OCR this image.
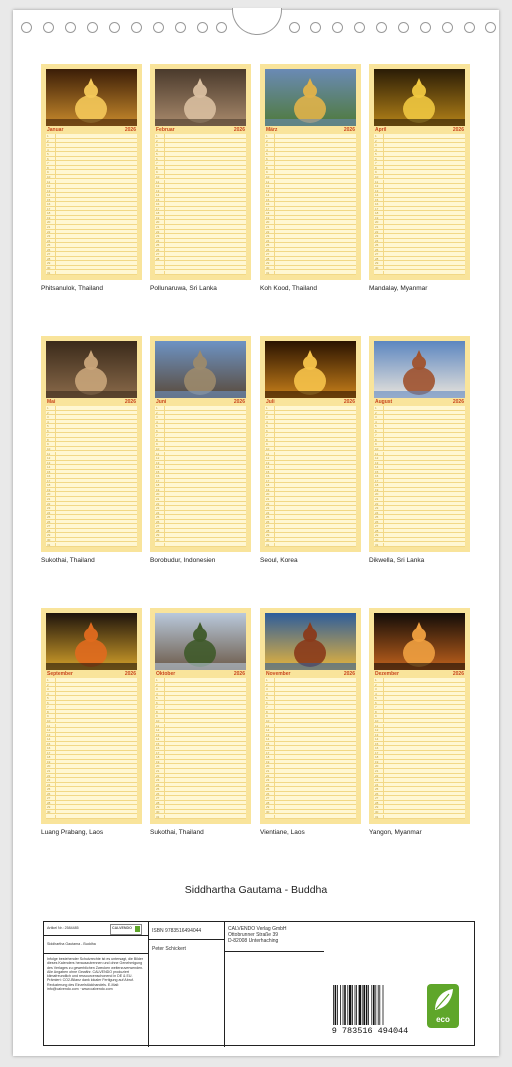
Januar	2026
1
2
3
4
5
6
7
8
9
10
11
12
13
14
15
16
17
18
19
20
21
22
23
24
25
26
27
28
29
30
31
Phitsanulok, Thailand
Februar	2026
1
2
3
4
5
6
7
8
9
10
11
12
13
14
15
16
17
18
19
20
21
22
23
24
25
26
27
28
Pollunaruwa, Sri Lanka
März	2026
1
2
3
4
5
6
7
8
9
10
11
12
13
14
15
16
17
18
19
20
21
22
23
24
25
26
27
28
29
30
31
Koh Kood, Thailand
April	2026
1
2
3
4
5
6
7
8
9
10
11
12
13
14
15
16
17
18
19
20
21
22
23
24
25
26
27
28
29
30
Mandalay, Myanmar
Mai	2026
1
2
3
4
5
6
7
8
9
10
11
12
13
14
15
16
17
18
19
20
21
22
23
24
25
26
27
28
29
30
31
Sukothai, Thailand
Juni	2026
1
2
3
4
5
6
7
8
9
10
11
12
13
14
15
16
17
18
19
20
21
22
23
24
25
26
27
28
29
30
Borobudur, Indonesien
Juli	2026
1
2
3
4
5
6
7
8
9
10
11
12
13
14
15
16
17
18
19
20
21
22
23
24
25
26
27
28
29
30
31
Seoul, Korea
August	2026
1
2
3
4
5
6
7
8
9
10
11
12
13
14
15
16
17
18
19
20
21
22
23
24
25
26
27
28
29
30
31
Dikwella, Sri Lanka
September	2026
1
2
3
4
5
6
7
8
9
10
11
12
13
14
15
16
17
18
19
20
21
22
23
24
25
26
27
28
29
30
Luang Prabang, Laos
Oktober	2026
1
2
3
4
5
6
7
8
9
10
11
12
13
14
15
16
17
18
19
20
21
22
23
24
25
26
27
28
29
30
31
Sukothai, Thailand
November	2026
1
2
3
4
5
6
7
8
9
10
11
12
13
14
15
16
17
18
19
20
21
22
23
24
25
26
27
28
29
30
Vientiane, Laos
Dezember	2026
1
2
3
4
5
6
7
8
9
10
11
12
13
14
15
16
17
18
19
20
21
22
23
24
25
26
27
28
29
30
31
Yangon, Myanmar
Siddhartha Gautama - Buddha
Artikel Nr.: 2584485	CALVENDO
Siddhartha Gautama - Buddha
Infolge bestehender Schutzrechte ist es untersagt, die Bilder dieses Kalenders herauszutrennen und ohne Genehmigung des Verlages zu gewerblichen Zwecken weiterzuverwenden. Alle Angaben ohne Gewähr. CALVENDO produziert klimafreundlich und ressourcenschonend in DE & EU. Prämiert: CO2-Bilanz dank lokaler Fertigung auf Abruf. Reduzierung des Einzelstückhandels. E-Mail: info@calvendo.com · www.calvendo.com
ISBN 9783516494044
Peter Schickert
CALVENDO Verlag GmbH
Ottobrunner Straße 39
D-82008 Unterhaching
9 783516 494044
eco
